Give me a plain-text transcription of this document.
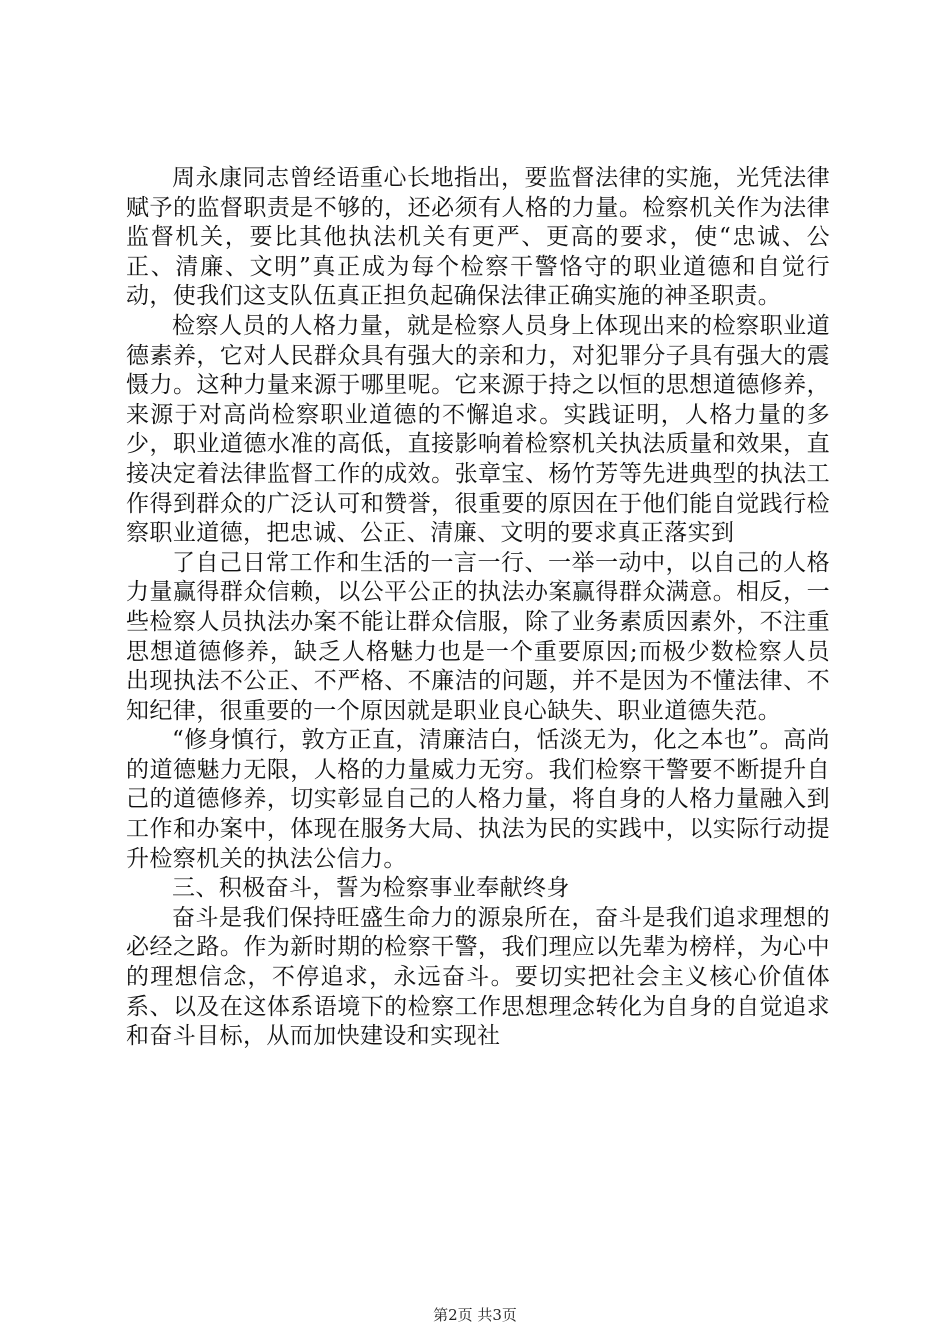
周永康同志曾经语重心长地指出，要监督法律的实施，光凭法律赋予的监督职责是不够的，还必须有人格的力量。检察机关作为法律监督机关，要比其他执法机关有更严、更高的要求，使“忠诚、公正、清廉、文明”真正成为每个检察干警恪守的职业道德和自觉行动，使我们这支队伍真正担负起确保法律正确实施的神圣职责。

检察人员的人格力量，就是检察人员身上体现出来的检察职业道德素养，它对人民群众具有强大的亲和力，对犯罪分子具有强大的震慑力。这种力量来源于哪里呢。它来源于持之以恒的思想道德修养，来源于对高尚检察职业道德的不懈追求。实践证明，人格力量的多少，职业道德水准的高低，直接影响着检察机关执法质量和效果，直接决定着法律监督工作的成效。张章宝、杨竹芳等先进典型的执法工作得到群众的广泛认可和赞誉，很重要的原因在于他们能自觉践行检察职业道德，把忠诚、公正、清廉、文明的要求真正落实到

了自己日常工作和生活的一言一行、一举一动中，以自己的人格力量赢得群众信赖，以公平公正的执法办案赢得群众满意。相反，一些检察人员执法办案不能让群众信服，除了业务素质因素外，不注重思想道德修养，缺乏人格魅力也是一个重要原因;而极少数检察人员出现执法不公正、不严格、不廉洁的问题，并不是因为不懂法律、不知纪律，很重要的一个原因就是职业良心缺失、职业道德失范。

“修身慎行，敦方正直，清廉洁白，恬淡无为，化之本也”。高尚的道德魅力无限，人格的力量威力无穷。我们检察干警要不断提升自己的道德修养，切实彰显自己的人格力量，将自身的人格力量融入到工作和办案中，体现在服务大局、执法为民的实践中，以实际行动提升检察机关的执法公信力。

三、积极奋斗，誓为检察事业奉献终身

奋斗是我们保持旺盛生命力的源泉所在，奋斗是我们追求理想的必经之路。作为新时期的检察干警，我们理应以先辈为榜样，为心中的理想信念，不停追求，永远奋斗。要切实把社会主义核心价值体系、以及在这体系语境下的检察工作思想理念转化为自身的自觉追求和奋斗目标，从而加快建设和实现社

第2页 共3页
